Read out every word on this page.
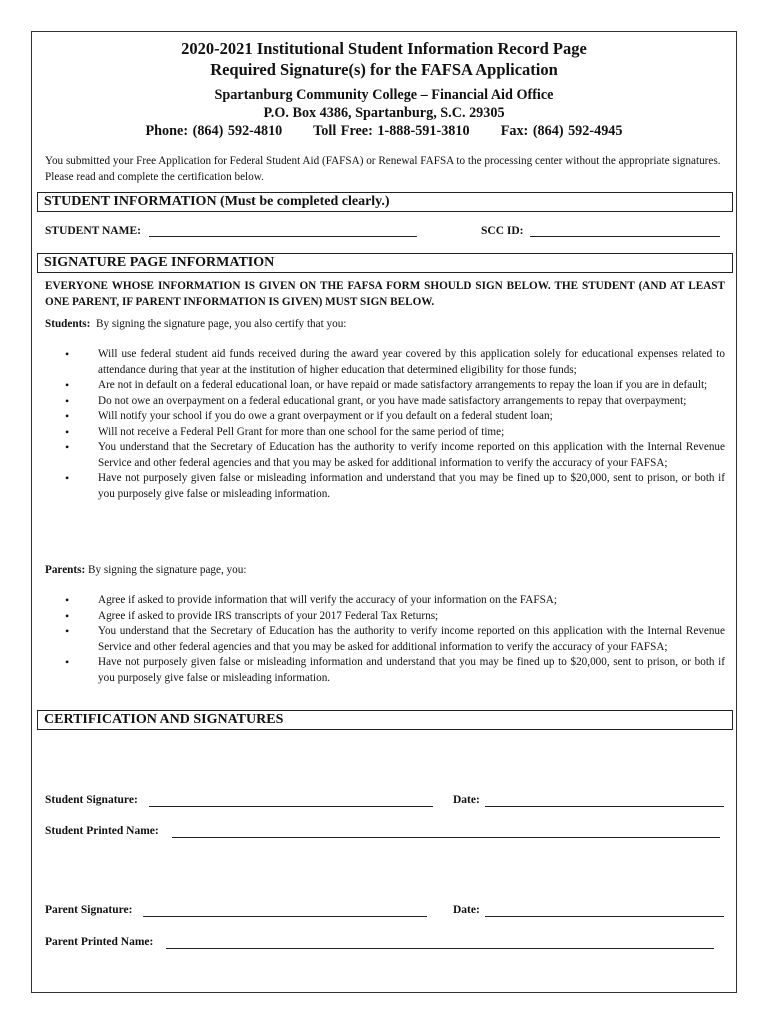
2020-2021 Institutional Student Information Record Page
Required Signature(s) for the FAFSA Application
Spartanburg Community College – Financial Aid Office
P.O. Box 4386, Spartanburg, S.C. 29305
Phone: (864) 592-4810 Toll Free: 1-888-591-3810 Fax: (864) 592-4945
You submitted your Free Application for Federal Student Aid (FAFSA) or Renewal FAFSA to the processing center without the appropriate signatures. Please read and complete the certification below.
STUDENT INFORMATION (Must be completed clearly.)
STUDENT NAME:	SCC ID:
SIGNATURE PAGE INFORMATION
EVERYONE WHOSE INFORMATION IS GIVEN ON THE FAFSA FORM SHOULD SIGN BELOW. THE STUDENT (AND AT LEAST ONE PARENT, IF PARENT INFORMATION IS GIVEN) MUST SIGN BELOW.
Students: By signing the signature page, you also certify that you:
•	Will use federal student aid funds received during the award year covered by this application solely for educational expenses related to attendance during that year at the institution of higher education that determined eligibility for those funds;
•	Are not in default on a federal educational loan, or have repaid or made satisfactory arrangements to repay the loan if you are in default;
•	Do not owe an overpayment on a federal educational grant, or you have made satisfactory arrangements to repay that overpayment;
•	Will notify your school if you do owe a grant overpayment or if you default on a federal student loan;
•	Will not receive a Federal Pell Grant for more than one school for the same period of time;
•	You understand that the Secretary of Education has the authority to verify income reported on this application with the Internal Revenue Service and other federal agencies and that you may be asked for additional information to verify the accuracy of your FAFSA;
•	Have not purposely given false or misleading information and understand that you may be fined up to $20,000, sent to prison, or both if you purposely give false or misleading information.
Parents: By signing the signature page, you:
•	Agree if asked to provide information that will verify the accuracy of your information on the FAFSA;
•	Agree if asked to provide IRS transcripts of your 2017 Federal Tax Returns;
•	You understand that the Secretary of Education has the authority to verify income reported on this application with the Internal Revenue Service and other federal agencies and that you may be asked for additional information to verify the accuracy of your FAFSA;
•	Have not purposely given false or misleading information and understand that you may be fined up to $20,000, sent to prison, or both if you purposely give false or misleading information.
CERTIFICATION AND SIGNATURES
Student Signature:	Date:
Student Printed Name:
Parent Signature:	Date:
Parent Printed Name:
